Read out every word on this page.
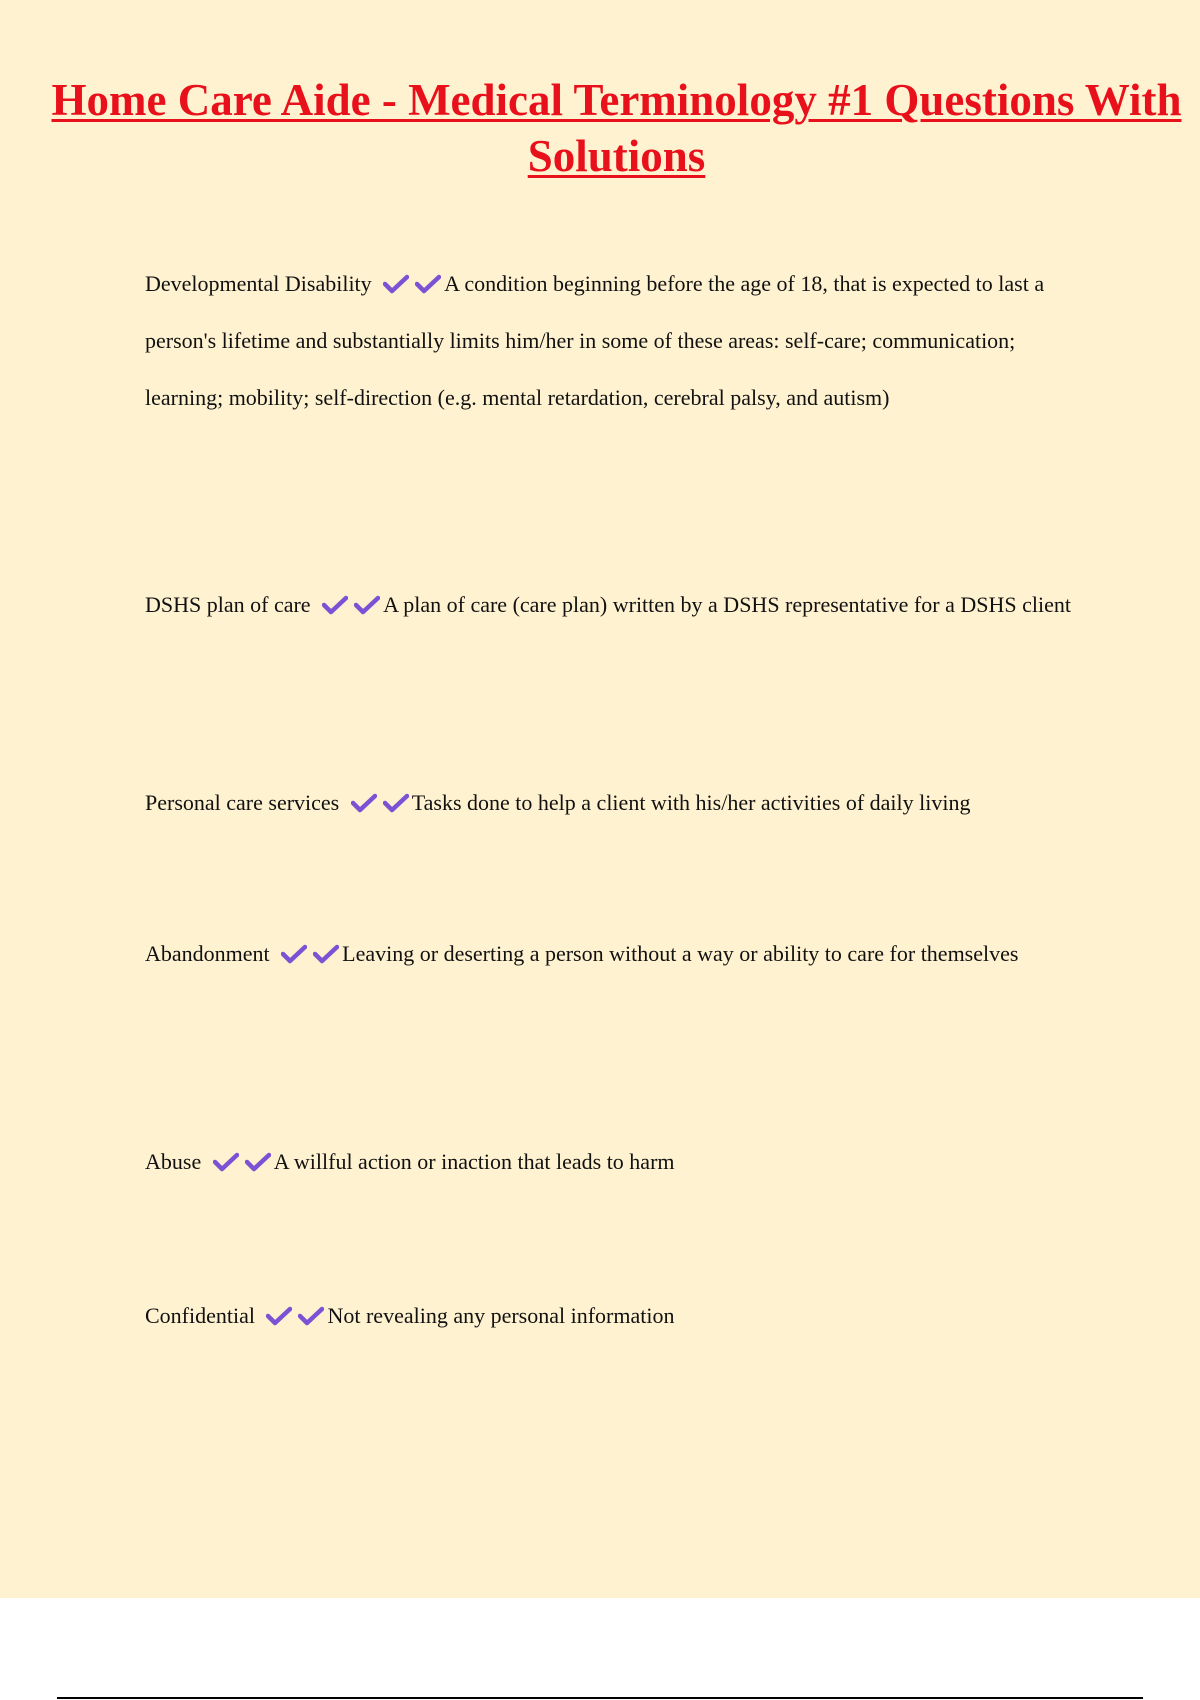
Home Care Aide - Medical Terminology #1 Questions With Solutions

Developmental Disability	A condition beginning before the age of 18, that is expected to last a person's lifetime and substantially limits him/her in some of these areas: self-care; communication; learning; mobility; self-direction (e.g. mental retardation, cerebral palsy, and autism)

DSHS plan of care	A plan of care (care plan) written by a DSHS representative for a DSHS client

Personal care services	Tasks done to help a client with his/her activities of daily living

Abandonment	Leaving or deserting a person without a way or ability to care for themselves

Abuse	A willful action or inaction that leads to harm

Confidential	Not revealing any personal information
